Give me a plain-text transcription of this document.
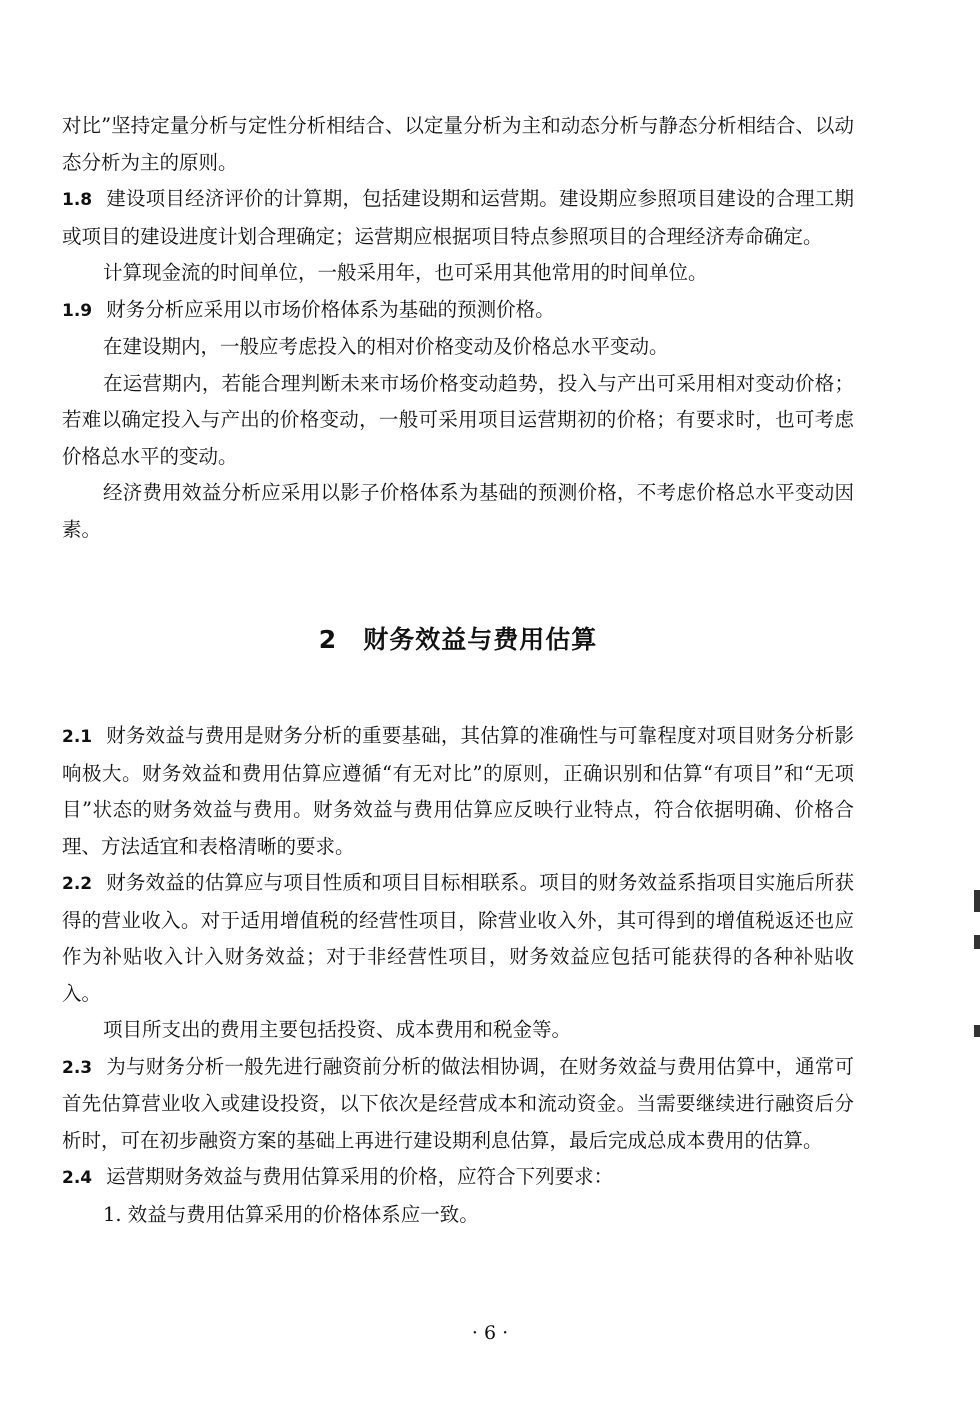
对比”坚持定量分析与定性分析相结合、以定量分析为主和动态分析与静态分析相结合、以动态分析为主的原则。

1.8 建设项目经济评价的计算期，包括建设期和运营期。建设期应参照项目建设的合理工期或项目的建设进度计划合理确定；运营期应根据项目特点参照项目的合理经济寿命确定。

计算现金流的时间单位，一般采用年，也可采用其他常用的时间单位。

1.9 财务分析应采用以市场价格体系为基础的预测价格。

在建设期内，一般应考虑投入的相对价格变动及价格总水平变动。

在运营期内，若能合理判断未来市场价格变动趋势，投入与产出可采用相对变动价格；若难以确定投入与产出的价格变动，一般可采用项目运营期初的价格；有要求时，也可考虑价格总水平的变动。

经济费用效益分析应采用以影子价格体系为基础的预测价格，不考虑价格总水平变动因素。

2 财务效益与费用估算

2.1 财务效益与费用是财务分析的重要基础，其估算的准确性与可靠程度对项目财务分析影响极大。财务效益和费用估算应遵循“有无对比”的原则，正确识别和估算“有项目”和“无项目”状态的财务效益与费用。财务效益与费用估算应反映行业特点，符合依据明确、价格合理、方法适宜和表格清晰的要求。

2.2 财务效益的估算应与项目性质和项目目标相联系。项目的财务效益系指项目实施后所获得的营业收入。对于适用增值税的经营性项目，除营业收入外，其可得到的增值税返还也应作为补贴收入计入财务效益；对于非经营性项目，财务效益应包括可能获得的各种补贴收入。

项目所支出的费用主要包括投资、成本费用和税金等。

2.3 为与财务分析一般先进行融资前分析的做法相协调，在财务效益与费用估算中，通常可首先估算营业收入或建设投资，以下依次是经营成本和流动资金。当需要继续进行融资后分析时，可在初步融资方案的基础上再进行建设期利息估算，最后完成总成本费用的估算。

2.4 运营期财务效益与费用估算采用的价格，应符合下列要求：

1. 效益与费用估算采用的价格体系应一致。

· 6 ·
